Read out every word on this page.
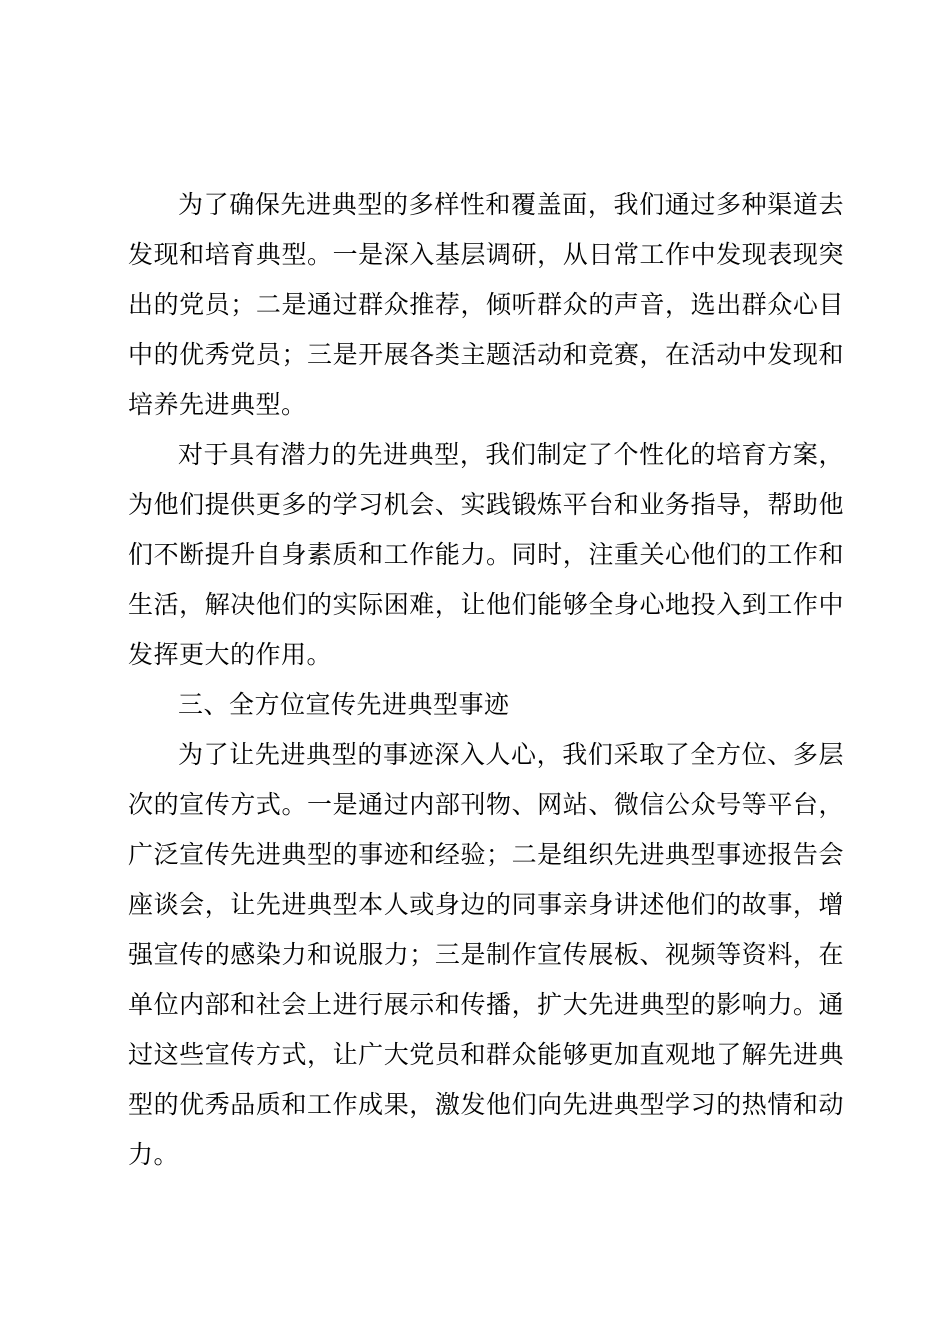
为了确保先进典型的多样性和覆盖面，我们通过多种渠道去发现和培育典型。一是深入基层调研，从日常工作中发现表现突出的党员；二是通过群众推荐，倾听群众的声音，选出群众心目中的优秀党员；三是开展各类主题活动和竞赛，在活动中发现和培养先进典型。

对于具有潜力的先进典型，我们制定了个性化的培育方案，为他们提供更多的学习机会、实践锻炼平台和业务指导，帮助他们不断提升自身素质和工作能力。同时，注重关心他们的工作和生活，解决他们的实际困难，让他们能够全身心地投入到工作中发挥更大的作用。

三、全方位宣传先进典型事迹

为了让先进典型的事迹深入人心，我们采取了全方位、多层次的宣传方式。一是通过内部刊物、网站、微信公众号等平台，广泛宣传先进典型的事迹和经验；二是组织先进典型事迹报告会座谈会，让先进典型本人或身边的同事亲身讲述他们的故事，增强宣传的感染力和说服力；三是制作宣传展板、视频等资料，在单位内部和社会上进行展示和传播，扩大先进典型的影响力。通过这些宣传方式，让广大党员和群众能够更加直观地了解先进典型的优秀品质和工作成果，激发他们向先进典型学习的热情和动力。
